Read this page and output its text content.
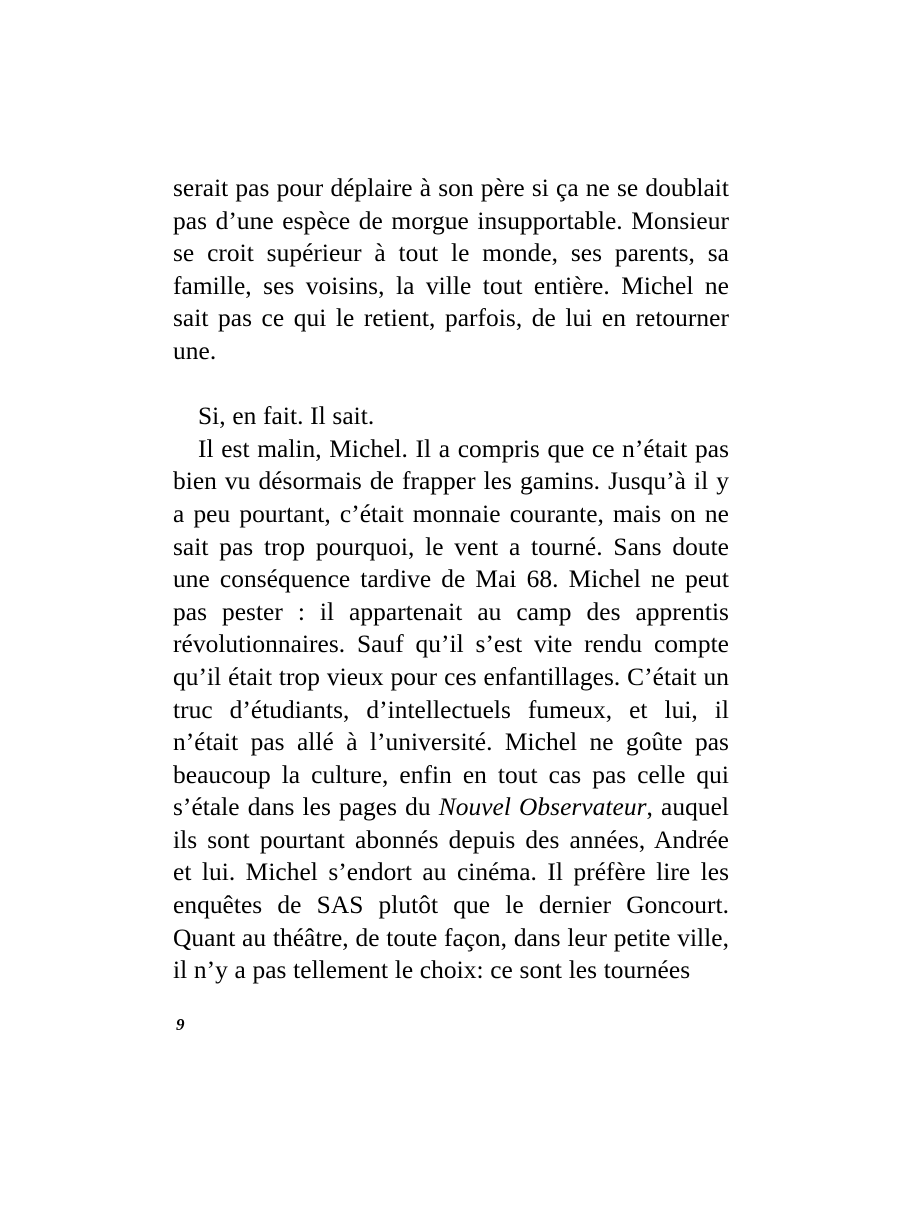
serait pas pour déplaire à son père si ça ne se doublait pas d’une espèce de morgue insupportable. Monsieur se croit supérieur à tout le monde, ses parents, sa famille, ses voisins, la ville tout entière. Michel ne sait pas ce qui le retient, parfois, de lui en retourner une.

Si, en fait. Il sait.

Il est malin, Michel. Il a compris que ce n’était pas bien vu désormais de frapper les gamins. Jusqu’à il y a peu pourtant, c’était monnaie courante, mais on ne sait pas trop pourquoi, le vent a tourné. Sans doute une conséquence tardive de Mai 68. Michel ne peut pas pester : il appartenait au camp des apprentis révolutionnaires. Sauf qu’il s’est vite rendu compte qu’il était trop vieux pour ces enfantillages. C’était un truc d’étudiants, d’intellectuels fumeux, et lui, il n’était pas allé à l’université. Michel ne goûte pas beaucoup la culture, enfin en tout cas pas celle qui s’étale dans les pages du Nouvel Observateur, auquel ils sont pourtant abonnés depuis des années, Andrée et lui. Michel s’endort au cinéma. Il préfère lire les enquêtes de SAS plutôt que le dernier Goncourt. Quant au théâtre, de toute façon, dans leur petite ville, il n’y a pas tellement le choix: ce sont les tournées

9
